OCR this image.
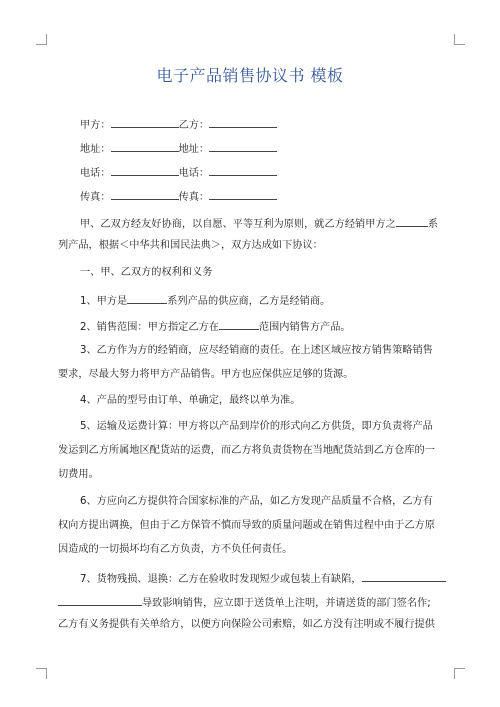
电子产品销售协议书 模板
甲方：	乙方：
地址：	地址：
电话：	电话：
传真：	传真：
甲、乙双方经友好协商，以自愿、平等互利为原则，就乙方经销甲方之	系
列产品，根据＜中华共和国民法典＞，双方达成如下协议：
一、甲、乙双方的权利和义务
1、甲方是	系列产品的供应商，乙方是经销商。
2、销售范围：甲方指定乙方在	范围内销售方产品。
3、乙方作为方的经销商，应尽经销商的责任。在上述区域应按方销售策略销售
要求，尽最大努力将甲方产品销售。甲方也应保供应足够的货源。
4、产品的型号由订单、单确定，最终以单为准。
5、运输及运费计算：甲方将以产品到岸价的形式向乙方供货，即方负责将产品
发运到乙方所属地区配货站的运费，而乙方将负责货物在当地配货站到乙方仓库的一
切费用。
6、方应向乙方提供符合国家标准的产品，如乙方发现产品质量不合格，乙方有
权向方提出调换，但由于乙方保管不慎而导致的质量问题或在销售过程中由于乙方原
因造成的一切损坏均有乙方负责，方不负任何责任。
7、货物残损、退换：乙方在验收时发现短少或包装上有缺陷，
导致影响销售，应立即于送货单上注明，并请送货的部门签名作;
乙方有义务提供有关单给方，以便方向保险公司索赔，如乙方没有注明或不履行提供
